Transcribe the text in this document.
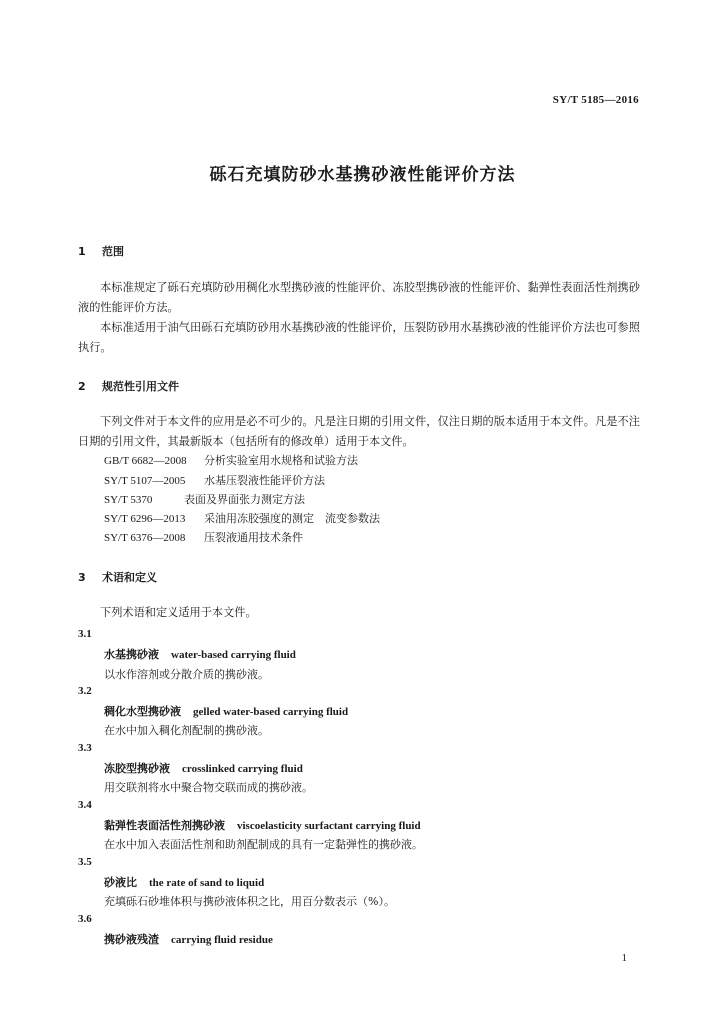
SY/T 5185—2016
砾石充填防砂水基携砂液性能评价方法
1 范围
本标准规定了砾石充填防砂用稠化水型携砂液的性能评价、冻胶型携砂液的性能评价、黏弹性表面活性剂携砂液的性能评价方法。
本标准适用于油气田砾石充填防砂用水基携砂液的性能评价，压裂防砂用水基携砂液的性能评价方法也可参照执行。
2 规范性引用文件
下列文件对于本文件的应用是必不可少的。凡是注日期的引用文件，仅注日期的版本适用于本文件。凡是不注日期的引用文件，其最新版本（包括所有的修改单）适用于本文件。
GB/T 6682—2008 分析实验室用水规格和试验方法
SY/T 5107—2005 水基压裂液性能评价方法
SY/T 5370	表面及界面张力测定方法
SY/T 6296—2013 采油用冻胶强度的测定　流变参数法
SY/T 6376—2008 压裂液通用技术条件
3 术语和定义
下列术语和定义适用于本文件。
3.1
水基携砂液 water-based carrying fluid
以水作溶剂或分散介质的携砂液。
3.2
稠化水型携砂液 gelled water-based carrying fluid
在水中加入稠化剂配制的携砂液。
3.3
冻胶型携砂液 crosslinked carrying fluid
用交联剂将水中聚合物交联而成的携砂液。
3.4
黏弹性表面活性剂携砂液 viscoelasticity surfactant carrying fluid
在水中加入表面活性剂和助剂配制成的具有一定黏弹性的携砂液。
3.5
砂液比 the rate of sand to liquid
充填砾石砂堆体积与携砂液体积之比，用百分数表示（%）。
3.6
携砂液残渣 carrying fluid residue
1
